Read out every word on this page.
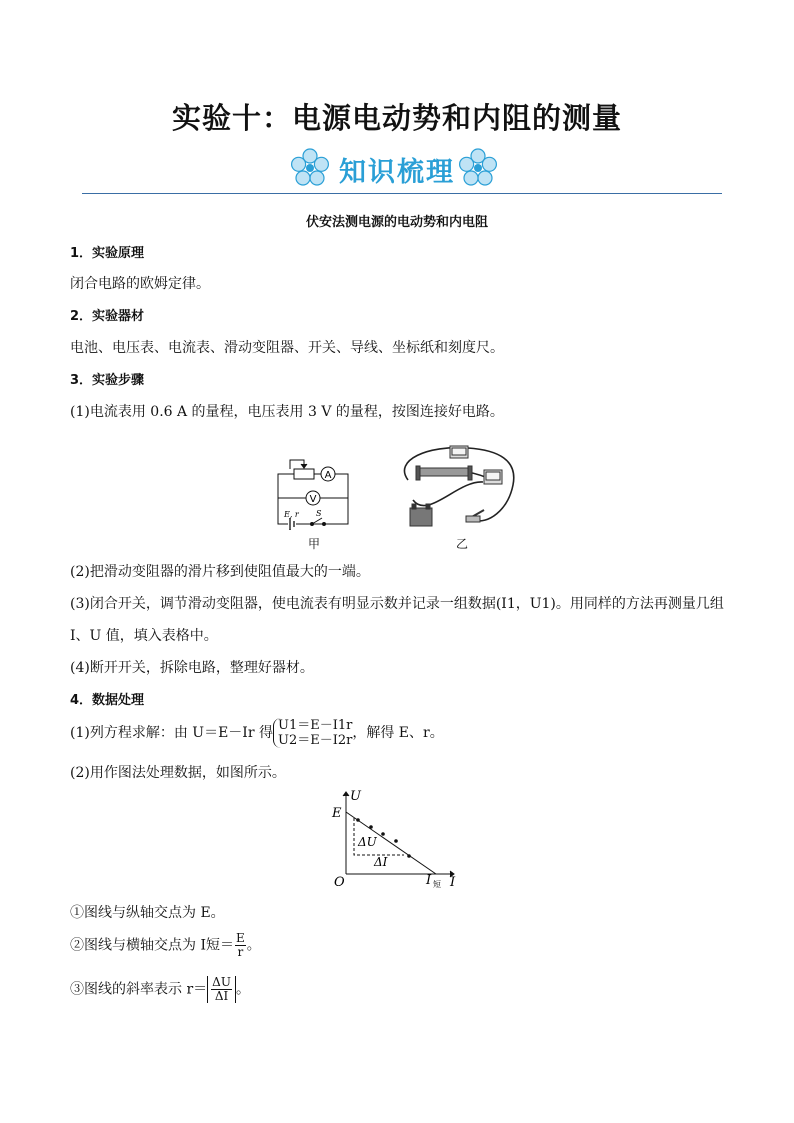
实验十：电源电动势和内阻的测量
知识梳理
伏安法测电源的电动势和内电阻
1．实验原理
闭合电路的欧姆定律。
2．实验器材
电池、电压表、电流表、滑动变阻器、开关、导线、坐标纸和刻度尺。
3．实验步骤
(1)电流表用 0.6 A 的量程，电压表用 3 V 的量程，按图连接好电路。
A
V
E, r S
甲	乙
(2)把滑动变阻器的滑片移到使阻值最大的一端。
(3)闭合开关，调节滑动变阻器，使电流表有明显示数并记录一组数据(I1，U1)。用同样的方法再测量几组
I、U 值，填入表格中。
(4)断开开关，拆除电路，整理好器材。
4．数据处理
(1)列方程求解：由 U＝E－Ir 得 U1＝E－I1r
U2＝E－I2r ，解得 E、r。
(2)用作图法处理数据，如图所示。
U
E
O	I
I 短
ΔU
ΔI
①图线与纵轴交点为 E。
②图线与横轴交点为 I短＝ $\frac{E}{r}$ 。
③图线的斜率表示 $r= \frac{\Delta U}{\Delta I}$ 。
